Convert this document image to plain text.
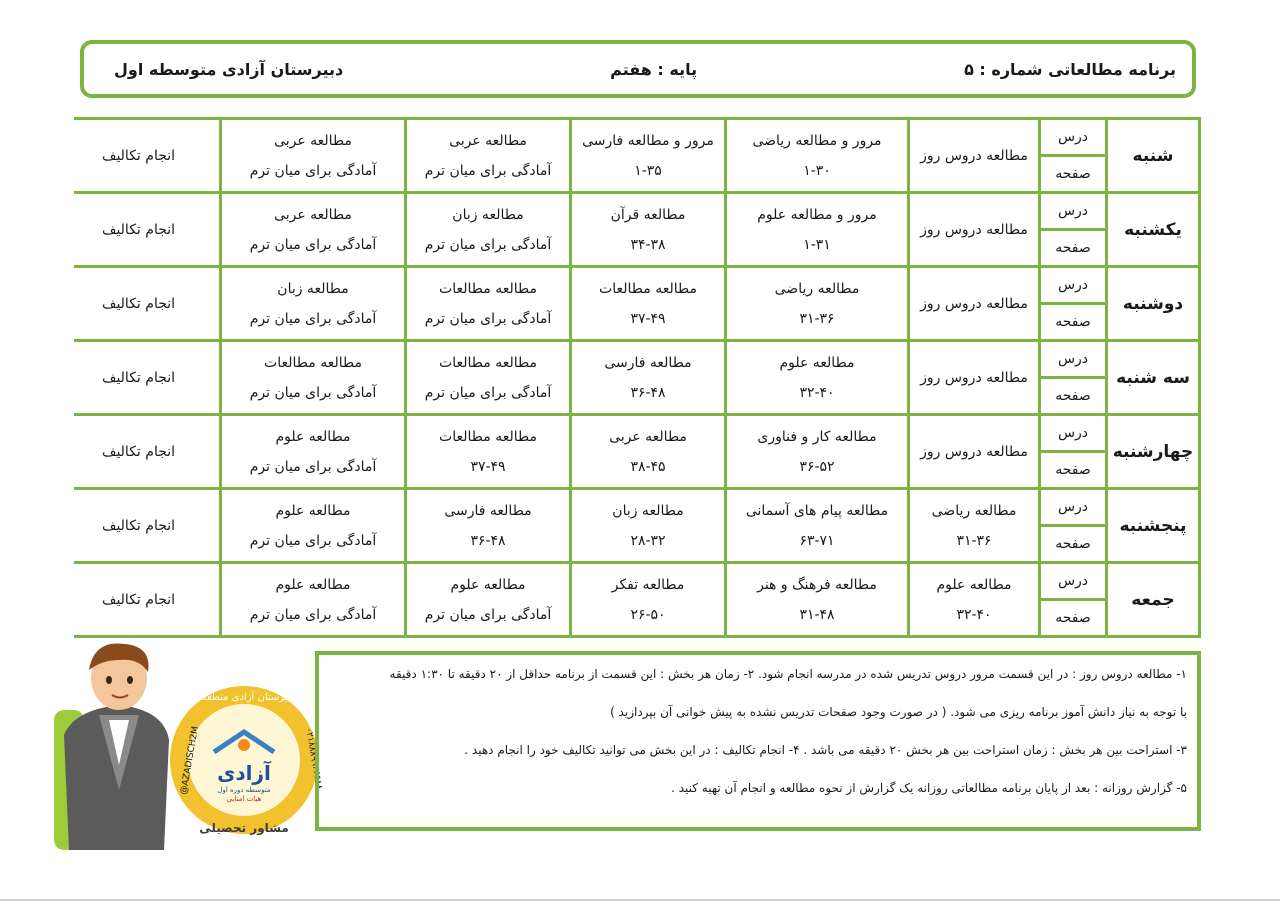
برنامه مطالعاتی شماره : ۵
پایه : هفتم
دبیرستان آزادی متوسطه اول
شنبه
درس
صفحه
مطالعه دروس روز
مرور و مطالعه ریاضی
۱-۳۰
مرور و مطالعه فارسی
۱-۳۵
مطالعه عربی
آمادگی برای میان ترم
مطالعه عربی
آمادگی برای میان ترم
انجام تکالیف
یکشنبه
درس
صفحه
مطالعه دروس روز
مرور و مطالعه علوم
۱-۳۱
مطالعه قرآن
۳۴-۳۸
مطالعه زبان
آمادگی برای میان ترم
مطالعه عربی
آمادگی برای میان ترم
انجام تکالیف
دوشنبه
درس
صفحه
مطالعه دروس روز
مطالعه ریاضی
۳۱-۳۶
مطالعه مطالعات
۳۷-۴۹
مطالعه مطالعات
آمادگی برای میان ترم
مطالعه زبان
آمادگی برای میان ترم
انجام تکالیف
سه شنبه
درس
صفحه
مطالعه دروس روز
مطالعه علوم
۳۲-۴۰
مطالعه فارسی
۳۶-۴۸
مطالعه مطالعات
آمادگی برای میان ترم
مطالعه مطالعات
آمادگی برای میان ترم
انجام تکالیف
چهارشنبه
درس
صفحه
مطالعه دروس روز
مطالعه کار و فناوری
۳۶-۵۲
مطالعه عربی
۳۸-۴۵
مطالعه مطالعات
۳۷-۴۹
مطالعه علوم
آمادگی برای میان ترم
انجام تکالیف
پنجشنبه
درس
صفحه
مطالعه ریاضی
۳۱-۳۶
مطالعه پیام های آسمانی
۶۳-۷۱
مطالعه زبان
۲۸-۳۲
مطالعه فارسی
۳۶-۴۸
مطالعه علوم
آمادگی برای میان ترم
انجام تکالیف
جمعه
درس
صفحه
مطالعه علوم
۳۲-۴۰
مطالعه فرهنگ و هنر
۳۱-۴۸
مطالعه تفکر
۲۶-۵۰
مطالعه علوم
آمادگی برای میان ترم
مطالعه علوم
آمادگی برای میان ترم
انجام تکالیف
آزادی
متوسطه دوره اول
هیات امنایی
دبیرستان آزادی منطقه ۲
مشاور تحصیلی
@AZADISCH2M	۰۲۱۸۸۸۹۹۲۶۵۸۸

۱- مطالعه دروس روز : در این قسمت مرور دروس تدریس شده در مدرسه انجام شود. ۲- زمان هر بخش : این قسمت از برنامه حداقل از ۲۰ دقیقه تا ۱:۳۰ دقیقه

با توجه به نیاز دانش آموز برنامه ریزی می شود. ( در صورت وجود صفحات تدریس نشده به پیش خوانی آن بپردازید )

۳- استراحت بین هر بخش : زمان استراحت بین هر بخش ۲۰ دقیقه می باشد . ۴- انجام تکالیف : در این بخش می توانید تکالیف خود را انجام دهید .

۵- گزارش روزانه : بعد از پایان برنامه مطالعاتی روزانه یک گزارش از نحوه مطالعه و انجام آن تهیه کنید .
